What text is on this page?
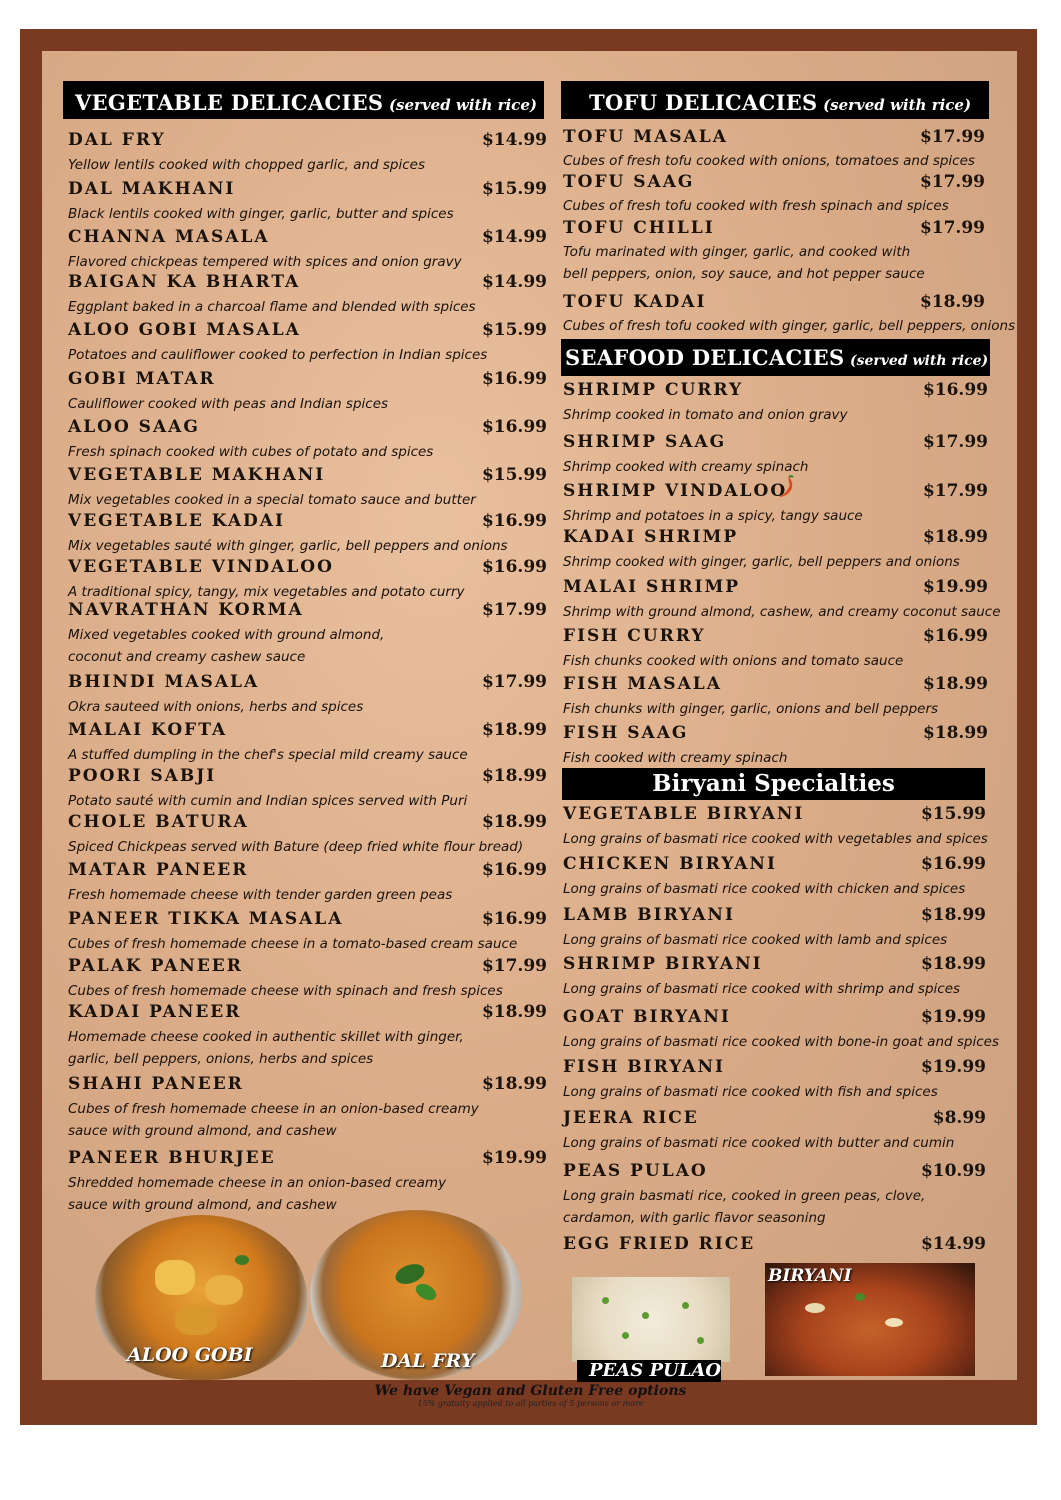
VEGETABLE DELICACIES (served with rice)	TOFU DELICACIES (served with rice)
SEAFOOD DELICACIES (served with rice)
Biryani Specialties
DAL FRY	$14.99
Yellow lentils cooked with chopped garlic, and spices
DAL MAKHANI	$15.99
Black lentils cooked with ginger, garlic, butter and spices
CHANNA MASALA	$14.99
Flavored chickpeas tempered with spices and onion gravy
BAIGAN KA BHARTA	$14.99
Eggplant baked in a charcoal flame and blended with spices
ALOO GOBI MASALA	$15.99
Potatoes and cauliflower cooked to perfection in Indian spices
GOBI MATAR	$16.99
Cauliflower cooked with peas and Indian spices
ALOO SAAG	$16.99
Fresh spinach cooked with cubes of potato and spices
VEGETABLE MAKHANI	$15.99
Mix vegetables cooked in a special tomato sauce and butter
VEGETABLE KADAI	$16.99
Mix vegetables sauté with ginger, garlic, bell peppers and onions
VEGETABLE VINDALOO	$16.99
A traditional spicy, tangy, mix vegetables and potato curry
NAVRATHAN KORMA	$17.99
Mixed vegetables cooked with ground almond,
coconut and creamy cashew sauce
BHINDI MASALA	$17.99
Okra sauteed with onions, herbs and spices
MALAI KOFTA	$18.99
A stuffed dumpling in the chef's special mild creamy sauce
POORI SABJI	$18.99
Potato sauté with cumin and Indian spices served with Puri
CHOLE BATURA	$18.99
Spiced Chickpeas served with Bature (deep fried white flour bread)
MATAR PANEER	$16.99
Fresh homemade cheese with tender garden green peas
PANEER TIKKA MASALA	$16.99
Cubes of fresh homemade cheese in a tomato-based cream sauce
PALAK PANEER	$17.99
Cubes of fresh homemade cheese with spinach and fresh spices
KADAI PANEER	$18.99
Homemade cheese cooked in authentic skillet with ginger,
garlic, bell peppers, onions, herbs and spices
SHAHI PANEER	$18.99
Cubes of fresh homemade cheese in an onion-based creamy
sauce with ground almond, and cashew
PANEER BHURJEE	$19.99
Shredded homemade cheese in an onion-based creamy
sauce with ground almond, and cashew
TOFU MASALA	$17.99
Cubes of fresh tofu cooked with onions, tomatoes and spices
TOFU SAAG	$17.99
Cubes of fresh tofu cooked with fresh spinach and spices
TOFU CHILLI	$17.99
Tofu marinated with ginger, garlic, and cooked with
bell peppers, onion, soy sauce, and hot pepper sauce
TOFU KADAI	$18.99
Cubes of fresh tofu cooked with ginger, garlic, bell peppers, onions
SHRIMP CURRY	$16.99
Shrimp cooked in tomato and onion gravy
SHRIMP SAAG	$17.99
Shrimp cooked with creamy spinach
SHRIMP VINDALOO	$17.99
Shrimp and potatoes in a spicy, tangy sauce
KADAI SHRIMP	$18.99
Shrimp cooked with ginger, garlic, bell peppers and onions
MALAI SHRIMP	$19.99
Shrimp with ground almond, cashew, and creamy coconut sauce
FISH CURRY	$16.99
Fish chunks cooked with onions and tomato sauce
FISH MASALA	$18.99
Fish chunks with ginger, garlic, onions and bell peppers
FISH SAAG	$18.99
Fish cooked with creamy spinach
VEGETABLE BIRYANI	$15.99
Long grains of basmati rice cooked with vegetables and spices
CHICKEN BIRYANI	$16.99
Long grains of basmati rice cooked with chicken and spices
LAMB BIRYANI	$18.99
Long grains of basmati rice cooked with lamb and spices
SHRIMP BIRYANI	$18.99
Long grains of basmati rice cooked with shrimp and spices
GOAT BIRYANI	$19.99
Long grains of basmati rice cooked with bone-in goat and spices
FISH BIRYANI	$19.99
Long grains of basmati rice cooked with fish and spices
JEERA RICE	$8.99
Long grains of basmati rice cooked with butter and cumin
PEAS PULAO	$10.99
Long grain basmati rice, cooked in green peas, clove,
cardamon, with garlic flavor seasoning
EGG FRIED RICE	$14.99
ALOO GOBI	DAL FRY	PEAS PULAO
BIRYANI
We have Vegan and Gluten Free options
15% gratuity applied to all parties of 5 persons or more
